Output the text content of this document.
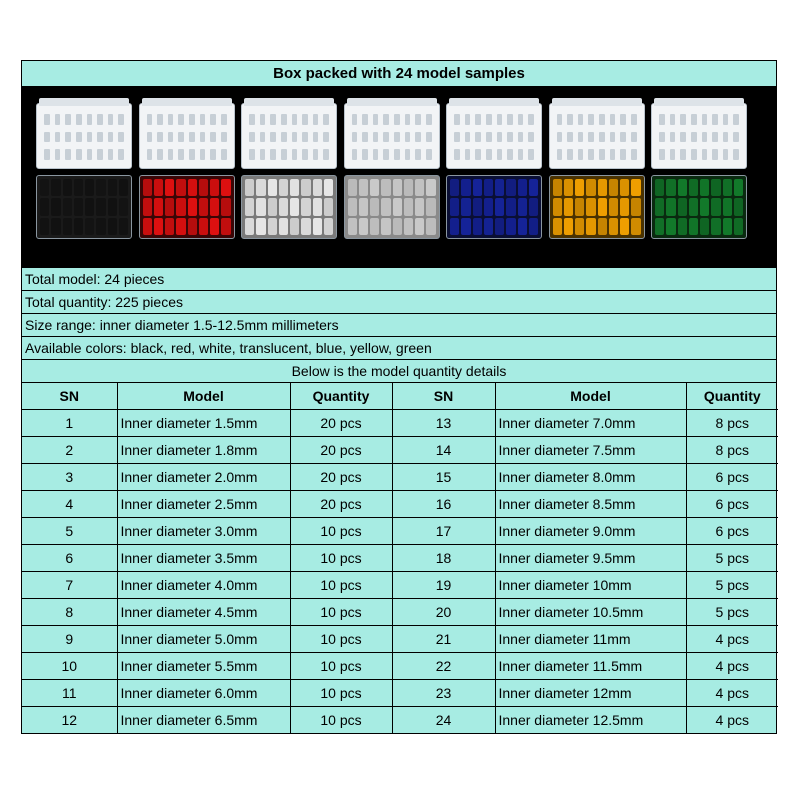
Box packed with 24 model samples
Total model: 24 pieces
Total quantity: 225 pieces
Size range: inner diameter 1.5-12.5mm millimeters
Available colors: black, red, white, translucent, blue, yellow, green
Below is the model quantity details
SN	Model	Quantity	SN	Model	Quantity
1	Inner diameter 1.5mm	20 pcs	13	Inner diameter 7.0mm	8 pcs
2	Inner diameter 1.8mm	20 pcs	14	Inner diameter 7.5mm	8 pcs
3	Inner diameter 2.0mm	20 pcs	15	Inner diameter 8.0mm	6 pcs
4	Inner diameter 2.5mm	20 pcs	16	Inner diameter 8.5mm	6 pcs
5	Inner diameter 3.0mm	10 pcs	17	Inner diameter 9.0mm	6 pcs
6	Inner diameter 3.5mm	10 pcs	18	Inner diameter 9.5mm	5 pcs
7	Inner diameter 4.0mm	10 pcs	19	Inner diameter 10mm	5 pcs
8	Inner diameter 4.5mm	10 pcs	20	Inner diameter 10.5mm	5 pcs
9	Inner diameter 5.0mm	10 pcs	21	Inner diameter 11mm	4 pcs
10	Inner diameter 5.5mm	10 pcs	22	Inner diameter 11.5mm	4 pcs
11	Inner diameter 6.0mm	10 pcs	23	Inner diameter 12mm	4 pcs
12	Inner diameter 6.5mm	10 pcs	24	Inner diameter 12.5mm	4 pcs
